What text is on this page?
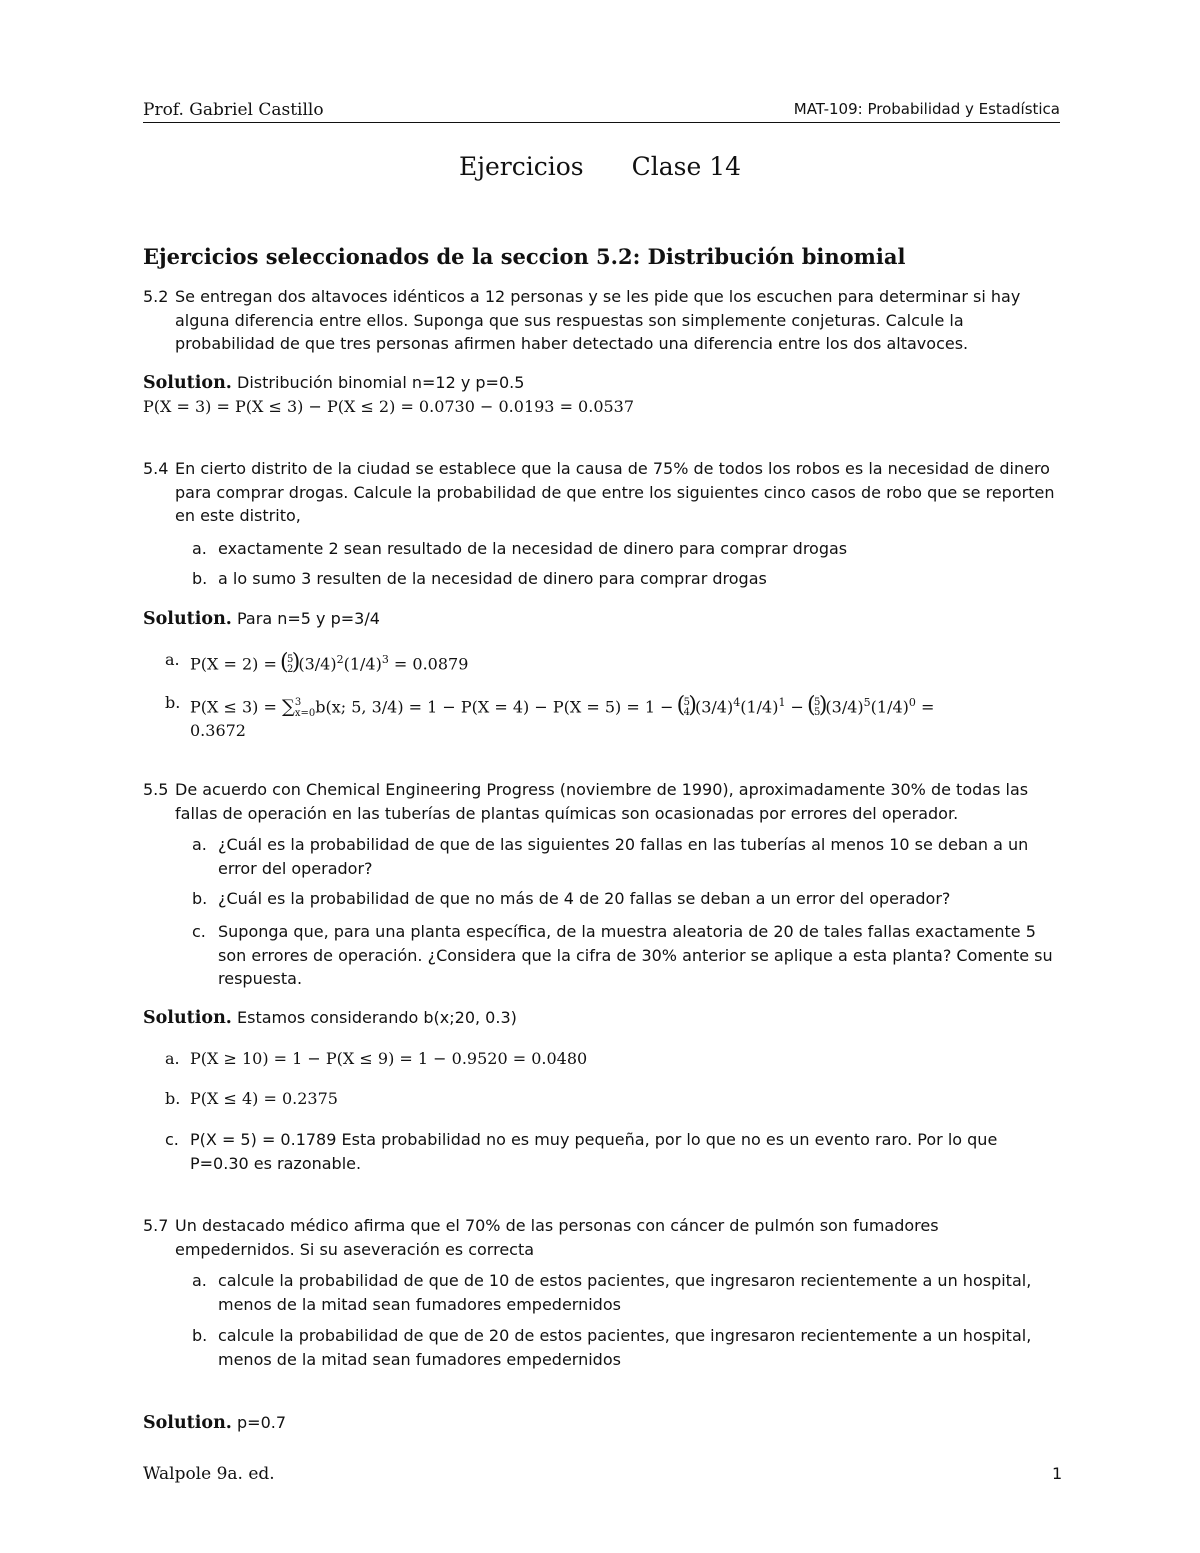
Prof. Gabriel Castillo	MAT-109: Probabilidad y Estadística
Ejercicios Clase 14
Ejercicios seleccionados de la seccion 5.2: Distribución binomial
5.2 Se entregan dos altavoces idénticos a 12 personas y se les pide que los escuchen para determinar si hay alguna diferencia entre ellos. Suponga que sus respuestas son simplemente conjeturas. Calcule la probabilidad de que tres personas afirmen haber detectado una diferencia entre los dos altavoces.
Solution. Distribución binomial n=12 y p=0.5
P(X = 3) = P(X ≤ 3) − P(X ≤ 2) = 0.0730 − 0.0193 = 0.0537
5.4 En cierto distrito de la ciudad se establece que la causa de 75% de todos los robos es la necesidad de dinero para comprar drogas. Calcule la probabilidad de que entre los siguientes cinco casos de robo que se reporten en este distrito,
a. exactamente 2 sean resultado de la necesidad de dinero para comprar drogas
b. a lo sumo 3 resulten de la necesidad de dinero para comprar drogas
Solution. Para n=5 y p=3/4
a. P(X = 2) = ( 5
2 ) $(3/4)^2(1/4)^3 = 0.0879$
b. P(X ≤ 3) = ∑3
x=0b(x; 5, 3/4) = 1 − P(X = 4) − P(X = 5) = 1 − ( 5
4 ) $(3/4)^4(1/4)^1$ − ( 5
5 ) $(3/4)^5(1/4)^0$ =
0.3672
5.5 De acuerdo con Chemical Engineering Progress (noviembre de 1990), aproximadamente 30% de todas las fallas de operación en las tuberías de plantas químicas son ocasionadas por errores del operador.
a. ¿Cuál es la probabilidad de que de las siguientes 20 fallas en las tuberías al menos 10 se deban a un error del operador?
b. ¿Cuál es la probabilidad de que no más de 4 de 20 fallas se deban a un error del operador?
c. Suponga que, para una planta específica, de la muestra aleatoria de 20 de tales fallas exactamente 5 son errores de operación. ¿Considera que la cifra de 30% anterior se aplique a esta planta? Comente su respuesta.
Solution. Estamos considerando b(x;20, 0.3)
a. P(X ≥ 10) = 1 − P(X ≤ 9) = 1 − 0.9520 = 0.0480
b. P(X ≤ 4) = 0.2375
c. P(X = 5) = 0.1789 Esta probabilidad no es muy pequeña, por lo que no es un evento raro. Por lo que P=0.30 es razonable.
5.7 Un destacado médico afirma que el 70% de las personas con cáncer de pulmón son fumadores empedernidos. Si su aseveración es correcta
a. calcule la probabilidad de que de 10 de estos pacientes, que ingresaron recientemente a un hospital, menos de la mitad sean fumadores empedernidos
b. calcule la probabilidad de que de 20 de estos pacientes, que ingresaron recientemente a un hospital, menos de la mitad sean fumadores empedernidos
Solution. p=0.7
Walpole 9a. ed.	1
